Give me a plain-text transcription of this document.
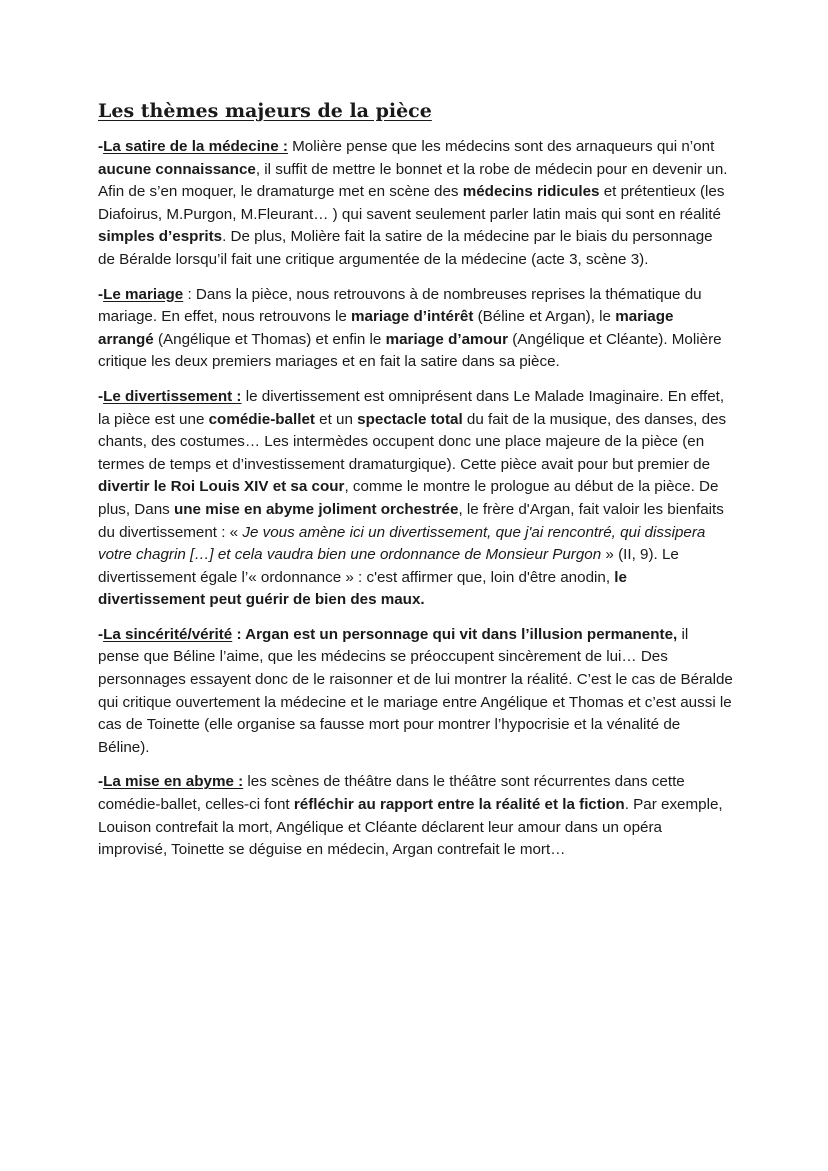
Les thèmes majeurs de la pièce

-La satire de la médecine : Molière pense que les médecins sont des arnaqueurs qui n’ont aucune connaissance, il suffit de mettre le bonnet et la robe de médecin pour en devenir un. Afin de s’en moquer, le dramaturge met en scène des médecins ridicules et prétentieux (les Diafoirus, M.Purgon, M.Fleurant… ) qui savent seulement parler latin mais qui sont en réalité simples d’esprits. De plus, Molière fait la satire de la médecine par le biais du personnage de Béralde lorsqu’il fait une critique argumentée de la médecine (acte 3, scène 3).

-Le mariage : Dans la pièce, nous retrouvons à de nombreuses reprises la thématique du mariage. En effet, nous retrouvons le mariage d’intérêt (Béline et Argan), le mariage arrangé (Angélique et Thomas) et enfin le mariage d’amour (Angélique et Cléante). Molière critique les deux premiers mariages et en fait la satire dans sa pièce.

-Le divertissement : le divertissement est omniprésent dans Le Malade Imaginaire. En effet, la pièce est une comédie-ballet et un spectacle total du fait de la musique, des danses, des chants, des costumes… Les intermèdes occupent donc une place majeure de la pièce (en termes de temps et d’investissement dramaturgique). Cette pièce avait pour but premier de divertir le Roi Louis XIV et sa cour, comme le montre le prologue au début de la pièce. De plus, Dans une mise en abyme joliment orchestrée, le frère d'Argan, fait valoir les bienfaits du divertissement : « Je vous amène ici un divertissement, que j'ai rencontré, qui dissipera votre chagrin […] et cela vaudra bien une ordonnance de Monsieur Purgon » (II, 9). Le divertissement égale l’« ordonnance » : c'est affirmer que, loin d'être anodin, le divertissement peut guérir de bien des maux.

-La sincérité/vérité : Argan est un personnage qui vit dans l’illusion permanente, il pense que Béline l’aime, que les médecins se préoccupent sincèrement de lui… Des personnages essayent donc de le raisonner et de lui montrer la réalité. C’est le cas de Béralde qui critique ouvertement la médecine et le mariage entre Angélique et Thomas et c’est aussi le cas de Toinette (elle organise sa fausse mort pour montrer l’hypocrisie et la vénalité de Béline).

-La mise en abyme : les scènes de théâtre dans le théâtre sont récurrentes dans cette comédie-ballet, celles-ci font réfléchir au rapport entre la réalité et la fiction. Par exemple, Louison contrefait la mort, Angélique et Cléante déclarent leur amour dans un opéra improvisé, Toinette se déguise en médecin, Argan contrefait le mort…
